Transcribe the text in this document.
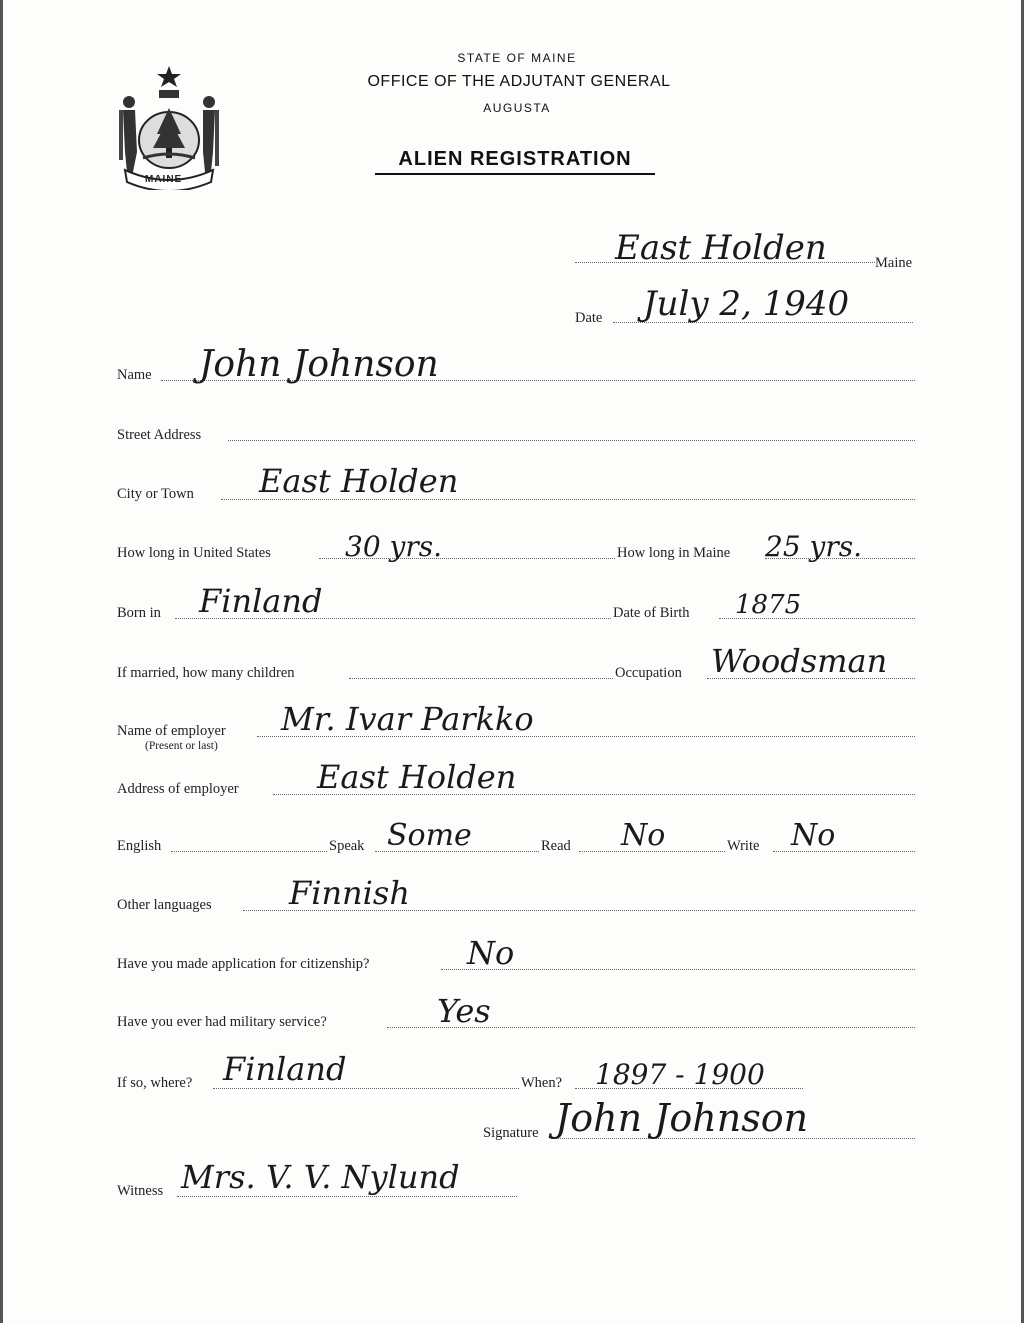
MAINE
STATE OF MAINE
OFFICE OF THE ADJUTANT GENERAL
AUGUSTA
ALIEN REGISTRATION
East Holden	Maine
Date July 2, 1940
Name John Johnson
Street Address
City or Town East Holden
How long in United States	30 yrs.	How long in Maine 25 yrs.
Born in Finland	Date of Birth 1875
If married, how many children	Occupation Woodsman
Name of employer
(Present or last)
Mr. Ivar Parkko
Address of employer East Holden
English	Speak Some	Read No	Write No
Other languages Finnish
Have you made application for citizenship?	No
Have you ever had military service?	Yes
If so, where? Finland	When? 1897 - 1900
Signature John Johnson
Witness Mrs. V. V. Nylund
